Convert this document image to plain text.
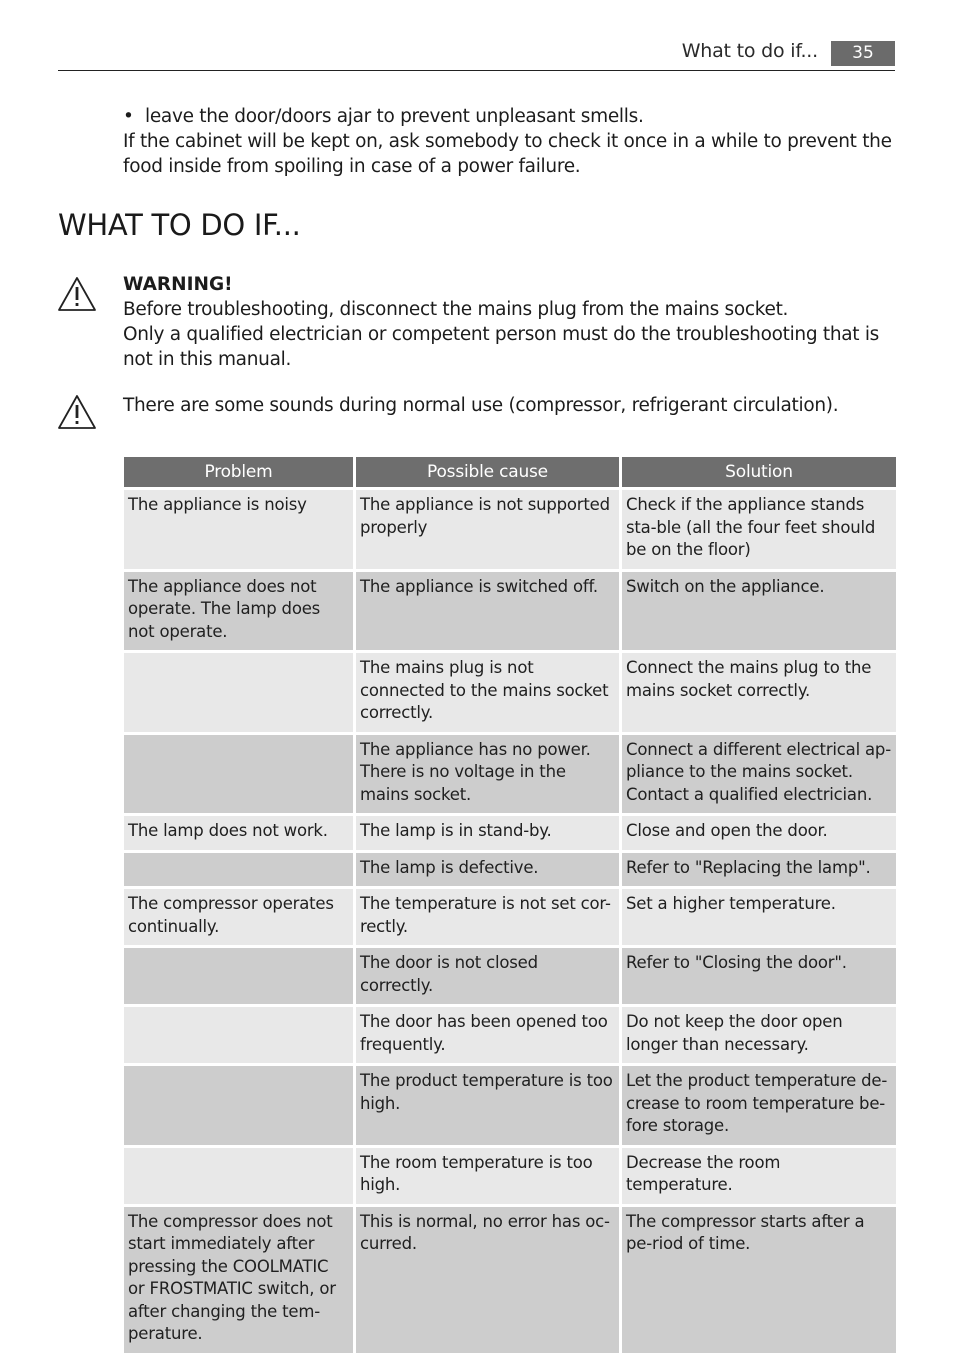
What to do if...	35

• leave the door/doors ajar to prevent unpleasant smells.

If the cabinet will be kept on, ask somebody to check it once in a while to prevent the food inside from spoiling in case of a power failure.

WHAT TO DO IF...

WARNING!

Before troubleshooting, disconnect the mains plug from the mains socket.

Only a qualified electrician or competent person must do the troubleshooting that is not in this manual.

There are some sounds during normal use (compressor, refrigerant circulation).

Problem	Possible cause	Solution
The appliance is noisy	The appliance is not supported properly	Check if the appliance stands sta-ble (all the four feet should be on the floor)
The appliance does not operate. The lamp does not operate.	The appliance is switched off.	Switch on the appliance.
	The mains plug is not connected to the mains socket correctly.	Connect the mains plug to the mains socket correctly.
	The appliance has no power. There is no voltage in the mains socket.	Connect a different electrical ap-pliance to the mains socket. Contact a qualified electrician.
The lamp does not work.	The lamp is in stand-by.	Close and open the door.
	The lamp is defective.	Refer to "Replacing the lamp".
The compressor operates continually.	The temperature is not set cor-rectly.	Set a higher temperature.
	The door is not closed correctly.	Refer to "Closing the door".
	The door has been opened too frequently.	Do not keep the door open longer than necessary.
	The product temperature is too high.	Let the product temperature de-crease to room temperature be-fore storage.
	The room temperature is too high.	Decrease the room temperature.
The compressor does not start immediately after pressing the COOLMATIC or FROSTMATIC switch, or after changing the tem-perature.	This is normal, no error has oc-curred.	The compressor starts after a pe-riod of time.
